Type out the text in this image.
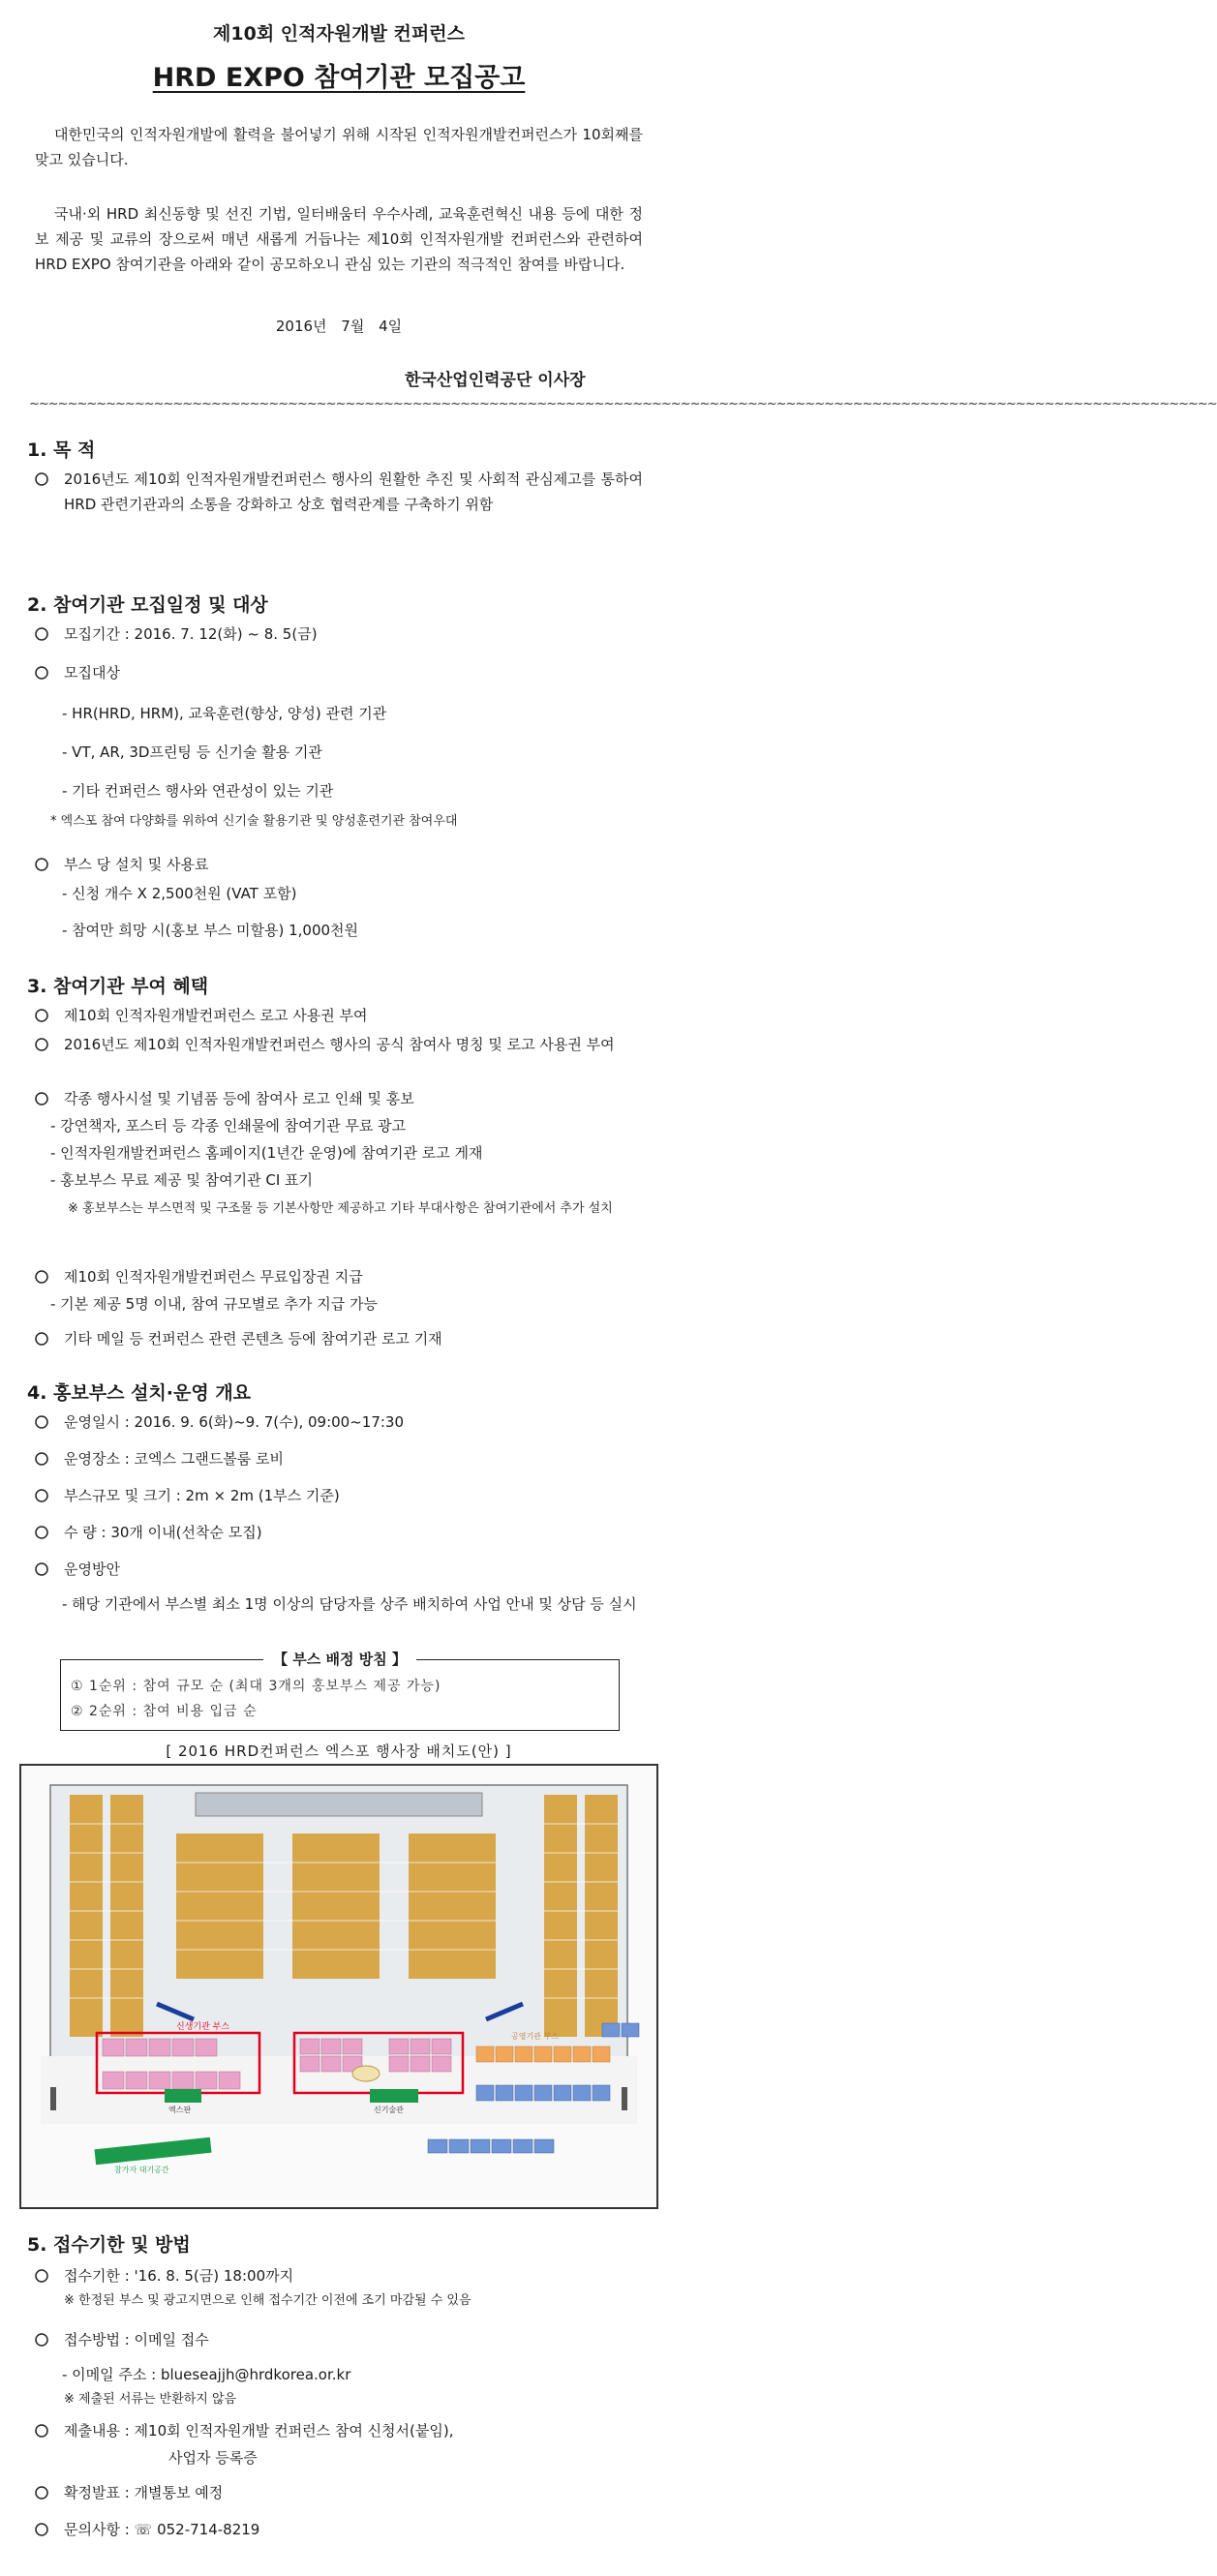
제10회 인적자원개발 컨퍼런스
HRD EXPO 참여기관 모집공고
대한민국의 인적자원개발에 활력을 불어넣기 위해 시작된 인적자원개발컨퍼런스가 10회째를 맞고 있습니다.
국내·외 HRD 최신동향 및 선진 기법, 일터배움터 우수사례, 교육훈련혁신 내용 등에 대한 정보 제공 및 교류의 장으로써 매년 새롭게 거듭나는 제10회 인적자원개발 컨퍼런스와 관련하여 HRD EXPO 참여기관을 아래와 같이 공모하오니 관심 있는 기관의 적극적인 참여를 바랍니다.
2016년 7월 4일
한국산업인력공단 이사장
~~~~~~~~~~~~~~~~~~~~~~~~~~~~~~~~~~~~~~~~~~~~~~~~~~~~~~~~~~~~~~~~~~~~~~~~~~~~~~~~~~~~~~~~~~~~~~~~~~~~~~~~~~~~~~~~~~~~~~~~~~~~
1. 목 적
2016년도 제10회 인적자원개발컨퍼런스 행사의 원활한 추진 및 사회적 관심제고를 통하여 HRD 관련기관과의 소통을 강화하고 상호 협력관계를 구축하기 위함
2. 참여기관 모집일정 및 대상
모집기간 : 2016. 7. 12(화) ~ 8. 5(금)
모집대상
- HR(HRD, HRM), 교육훈련(향상, 양성) 관련 기관
- VT, AR, 3D프린팅 등 신기술 활용 기관
- 기타 컨퍼런스 행사와 연관성이 있는 기관
* 엑스포 참여 다양화를 위하여 신기술 활용기관 및 양성훈련기관 참여우대
부스 당 설치 및 사용료
- 신청 개수 X 2,500천원 (VAT 포함)
- 참여만 희망 시(홍보 부스 미할용) 1,000천원
3. 참여기관 부여 혜택
제10회 인적자원개발컨퍼런스 로고 사용권 부여
2016년도 제10회 인적자원개발컨퍼런스 행사의 공식 참여사 명칭 및 로고 사용권 부여
각종 행사시설 및 기념품 등에 참여사 로고 인쇄 및 홍보
- 강연책자, 포스터 등 각종 인쇄물에 참여기관 무료 광고
- 인적자원개발컨퍼런스 홈페이지(1년간 운영)에 참여기관 로고 게재
- 홍보부스 무료 제공 및 참여기관 CI 표기
※ 홍보부스는 부스면적 및 구조물 등 기본사항만 제공하고 기타 부대사항은 참여기관에서 추가 설치
제10회 인적자원개발컨퍼런스 무료입장권 지급
- 기본 제공 5명 이내, 참여 규모별로 추가 지급 가능
기타 메일 등 컨퍼런스 관련 콘텐츠 등에 참여기관 로고 기재
4. 홍보부스 설치·운영 개요
운영일시 : 2016. 9. 6(화)~9. 7(수), 09:00~17:30
운영장소 : 코엑스 그랜드볼룸 로비
부스규모 및 크기 : 2m × 2m (1부스 기준)
수 량 : 30개 이내(선착순 모집)
운영방안
- 해당 기관에서 부스별 최소 1명 이상의 담당자를 상주 배치하여 사업 안내 및 상담 등 실시
【 부스 배정 방침 】
① 1순위 : 참여 규모 순 (최대 3개의 홍보부스 제공 가능)
② 2순위 : 참여 비용 입금 순
[ 2016 HRD컨퍼런스 엑스포 행사장 배치도(안) ]
신생기관 부스
공영기관 부스
엑스판	신기술관
참가자 대기공간
5. 접수기한 및 방법
접수기한 : '16. 8. 5(금) 18:00까지
※ 한정된 부스 및 광고지면으로 인해 접수기간 이전에 조기 마감될 수 있음
접수방법 : 이메일 접수
- 이메일 주소 : blueseajjh@hrdkorea.or.kr
※ 제출된 서류는 반환하지 않음
제출내용 : 제10회 인적자원개발 컨퍼런스 참여 신청서(붙임),
사업자 등록증
확정발표 : 개별통보 예정
문의사항 : ☏ 052-714-8219
